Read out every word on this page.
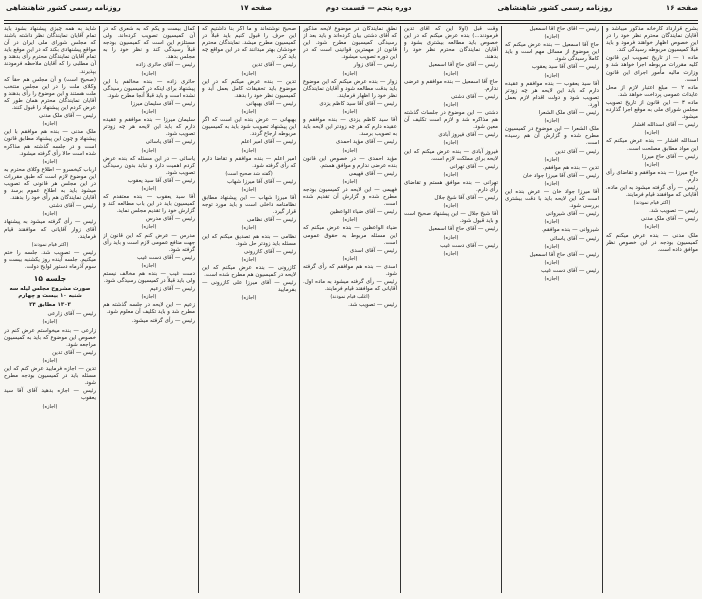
صفحه ۱۶                      روزنامه رسمی کشور شاهنشاهی
دوره پنجم — قسمت دوم                      صفحه ۱۷
روزنامه رسمی کشور شاهنشاهی

شاید به همه چیزی پیشنهاد بشود باید تمام آقایان نمایندگان نظر داشته باشند که مجلس شورای ملی ایران در آن مواقع پیشنهادی بکند که در این موقع باید تمام آقایان نمایندگان محترم رأی بدهند و آن مطلبی را که آقایان ملاحظه فرمودند بپذیرند.

(صحیح است) و آن مجلس هم حقاً که وکلای ملت را در این مجلس منتخب ملت هستند و این موضوع را رأی بدهند و آقایان نمایندگان محترم همان طور که عرض کردم این پیشنهاد را قبول کنند.

رئیس — آقای ملک مدنی

(اجازه)

ملک مدنی — بنده هم موافقم با این پیشنهاد و چون این پیشنهاد مطابق قانون است و در جلسه گذشته هم مذاکره شده است حالا رأی گرفته میشود.

(اجازه)

ارباب کیخسرو — اطلاع وکلای محترم به این موضوع لازم است که طبق مقررات در این مجلس هر قانونی که تصویب میشود باید به اطلاع عموم برسد و آقایان نمایندگان هم رأی خود را بدهند.

رئیس — آقای دشتی

(اجازه)

رئیس — رأی گرفته میشود به پیشنهاد آقای زوار آقایانی که موافقند قیام فرمایند.

(اکثر قیام نمودند)

رئیس — تصویب شد. جلسه را ختم میکنیم. جلسه آینده روز یکشنبه بیست و سوم آذرماه دستور لوایح دولت.

جلسه ۱۵
صورت مشروح مجلس لیله سه شنبه ۱۰ بیست و چهارم
۱۳۰۳ مطابق ۲۴

رئیس — آقای زارعی

(اجازه)

زارعی — بنده میخواستم عرض کنم در خصوص این موضوع که باید به کمیسیون مراجعه شود.

رئیس — آقای تدین

(اجازه)

تدین — اجازه فرمایید عرض کنم که این مسئله باید در کمیسیون بودجه مطرح شود.

رئیس — اجازه بدهید آقای آقا سید یعقوب

(اجازه)

کمال بیست و یکم که به شعری که در آن کمیسیون تصویب کرده‌اند. ولی مستلزم این است که کمیسیون بودجه قبلاً رسیدگی کند و نظر خود را به مجلس بدهد.

رئیس — آقای حائری زاده

(اجازه)

حائری زاده — بنده مخالفم با این پیشنهاد برای اینکه در کمیسیون رسیدگی نشده است و باید قبلاً آنجا مطرح شود.

رئیس — آقای سلیمان میرزا

(اجازه)

سلیمان میرزا — بنده موافقم و عقیده دارم که باید این لایحه هر چه زودتر تصویب شود.

رئیس — آقای یاسائی

(اجازه)

یاسائی — در این مسئله که بنده عرض کردم اهمیت دارد و نباید بدون رسیدگی تصویب شود.

رئیس — آقای آقا سید یعقوب

(اجازه)

آقا سید یعقوب — بنده معتقدم که کمیسیون باید در این باب مطالعه کند و گزارش خود را تقدیم مجلس نماید.

رئیس — آقای مدرس

(اجازه)

مدرس — عرض کنم که این قانون از جهت منافع عمومی لازم است و باید رأی گرفته شود.

رئیس — آقای دست غیب

(اجازه)

دست غیب — بنده هم مخالف نیستم ولی باید قبلاً در کمیسیون رسیدگی شود.

رئیس — آقای زعیم

(اجازه)

زعیم — این لایحه در جلسه گذشته هم مطرح شد و باید تکلیف آن معلوم شود.

رئیس — رأی گرفته میشود.

صحیح نوشته‌اند و ما اگر بنا داشتیم که این حرف را قبول کنیم باید قبلاً در کمیسیون مطرح میشد. نمایندگان محترم خودشان بهتر میدانند که در این مواقع چه باید کرد.

رئیس — آقای تدین

(اجازه)

تدین — بنده عرض میکنم که در این موضوع باید تحقیقات کامل بعمل آید و کمیسیون نظر خود را بدهد.

رئیس — آقای بهبهانی

(اجازه)

بهبهانی — عرض بنده این است که اگر این پیشنهاد تصویب شود باید به کمیسیون مربوطه ارجاع گردد.

رئیس — آقای امیر اعلم

(اجازه)

امیر اعلم — بنده موافقم و تقاضا دارم که رأی گرفته شود.

(گفته شد صحیح است)

رئیس — آقای آقا میرزا شهاب

(اجازه)

آقا میرزا شهاب — این پیشنهاد مطابق نظامنامه داخلی است و باید مورد توجه قرار گیرد.

رئیس — آقای نظامی

(اجازه)

نظامی — بنده هم تصدیق میکنم که این مسئله باید زودتر حل شود.

رئیس — آقای کازرونی

(اجازه)

کازرونی — بنده عرض میکنم که این لایحه در کمیسیون هم مطرح شده است.

رئیس — آقای میرزا علی کازرونی — بفرمایید

(اجازه)

نطق نمایندگان در موضوع لایحه مذکور که آقای دشتی بیان کرده‌اند و باید بعد از رسیدگی کمیسیون مطرح شود. این قانون از مهمترین قوانینی است که در این دوره تصویب میشود.

رئیس — آقای زوار

(اجازه)

زوار — بنده عرض میکنم که این موضوع باید بدقت مطالعه شود و آقایان نمایندگان نظر خود را اظهار فرمایند.

رئیس — آقای آقا سید کاظم یزدی

(اجازه)

آقا سید کاظم یزدی — بنده موافقم و عقیده دارم که هر چه زودتر این لایحه باید به تصویب برسد.

رئیس — آقای مؤید احمدی

(اجازه)

مؤید احمدی — در خصوص این قانون بنده عرضی ندارم و موافق هستم.

رئیس — آقای فهیمی

(اجازه)

فهیمی — این لایحه در کمیسیون بودجه مطرح شده و گزارش آن تقدیم شده است.

رئیس — آقای ضیاء الواعظین

(اجازه)

ضیاء الواعظین — بنده عرض میکنم که این مسئله مربوط به حقوق عمومی است.

رئیس — آقای اسدی

(اجازه)

اسدی — بنده هم موافقم که رأی گرفته شود.

رئیس — رأی گرفته میشود به ماده اول. آقایانی که موافقند قیام فرمایند.

(اغلب قیام نمودند)

رئیس — تصویب شد.

وقت قبل (اولاً این که آقای تدین فرمودند...) بنده عرض میکنم که در این خصوص باید مطالعه بیشتری بشود و آقایان نمایندگان محترم نظر خود را بدهند.

رئیس — آقای حاج آقا اسمعیل

(اجازه)

حاج آقا اسمعیل — بنده موافقم و عرضی ندارم.

رئیس — آقای دشتی

(اجازه)

دشتی — این موضوع در جلسات گذشته هم مذاکره شد و لازم است تکلیف آن معین شود.

رئیس — آقای فیروز آبادی

(اجازه)

فیروز آبادی — بنده عرض میکنم که این لایحه برای مملکت لازم است.

رئیس — آقای تهرانی

(اجازه)

تهرانی — بنده موافق هستم و تقاضای رأی دارم.

رئیس — آقای آقا شیخ جلال

(اجازه)

آقا شیخ جلال — این پیشنهاد صحیح است و باید قبول شود.

رئیس — آقای حاج آقا اسمعیل

(اجازه)

رئیس — آقای دست غیب

(اجازه)

رئیس — آقای حاج آقا اسمعیل

(اجازه)

حاج آقا اسمعیل — بنده عرض میکنم که این موضوع از مسائل مهم است و باید کاملاً رسیدگی شود.

رئیس — آقای آقا سید یعقوب

(اجازه)

آقا سید یعقوب — بنده موافقم و عقیده دارم که باید این لایحه هر چه زودتر تصویب شود و دولت اقدام لازم بعمل آورد.

رئیس — آقای ملک الشعرا

(اجازه)

ملک الشعرا — این موضوع در کمیسیون مطرح شده و گزارش آن هم رسیده است.

رئیس — آقای تدین

(اجازه)

تدین — بنده هم موافقم.

رئیس — آقای آقا میرزا جواد خان

(اجازه)

آقا میرزا جواد خان — عرض بنده این است که این لایحه باید با دقت بیشتری بررسی شود.

رئیس — آقای شیروانی

(اجازه)

شیروانی — بنده موافقم.

رئیس — آقای یاسائی

(اجازه)

رئیس — آقای حاج آقا اسمعیل

(اجازه)

رئیس — آقای دست غیب

(اجازه)

بشرح قرارداد کارخانه مذکور میباشد و آقایان نمایندگان محترم نظر خود را در این خصوص اظهار خواهند فرمود و باید قبلاً کمیسیون مربوطه رسیدگی کند.

ماده ۱ — از تاریخ تصویب این قانون کلیه مقررات مربوطه اجرا خواهد شد و وزارت مالیه مأمور اجرای این قانون است.

ماده ۲ — مبلغ اعتبار لازم از محل عایدات عمومی پرداخت خواهد شد.

ماده ۳ — این قانون از تاریخ تصویب مجلس شورای ملی به موقع اجرا گذارده میشود.

رئیس — آقای اسدالله افشار

(اجازه)

اسدالله افشار — بنده عرض میکنم که این مواد مطابق مصلحت است.

رئیس — آقای حاج میرزا

(اجازه)

حاج میرزا — بنده موافقم و تقاضای رأی دارم.

رئیس — رأی گرفته میشود به این ماده. آقایانی که موافقند قیام فرمایند.

(اکثر قیام نمودند)

رئیس — تصویب شد.

رئیس — آقای ملک مدنی

(اجازه)

ملک مدنی — بنده عرض میکنم که کمیسیون بودجه در این خصوص نظر موافق داده است.
